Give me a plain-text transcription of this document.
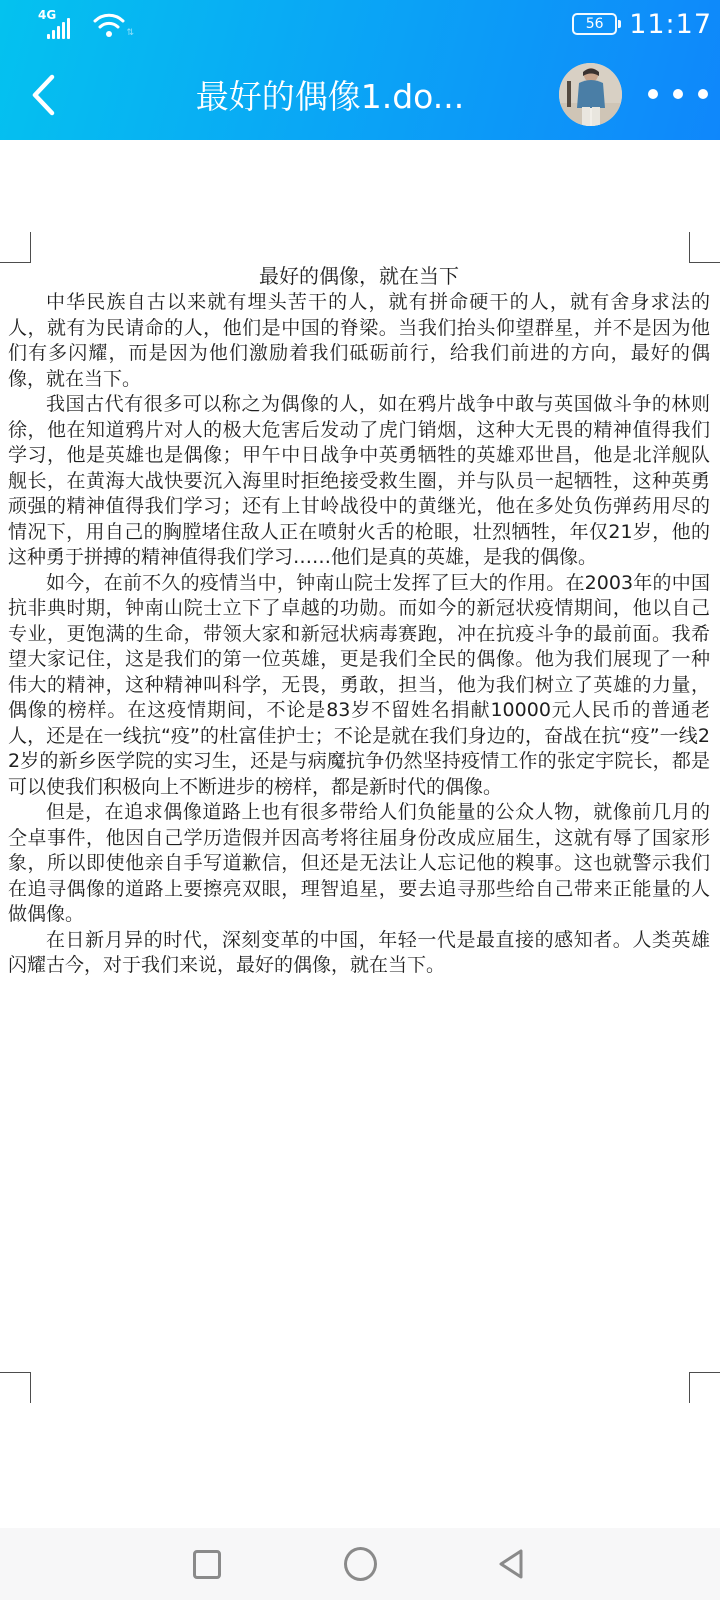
4G
⇅
56 11:17
最好的偶像1.do...

最好的偶像，就在当下

中华民族自古以来就有埋头苦干的人，就有拼命硬干的人，就有舍身求法的人，就有为民请命的人，他们是中国的脊梁。当我们抬头仰望群星，并不是因为他们有多闪耀，而是因为他们激励着我们砥砺前行，给我们前进的方向，最好的偶像，就在当下。

我国古代有很多可以称之为偶像的人，如在鸦片战争中敢与英国做斗争的林则徐，他在知道鸦片对人的极大危害后发动了虎门销烟，这种大无畏的精神值得我们学习，他是英雄也是偶像；甲午中日战争中英勇牺牲的英雄邓世昌，他是北洋舰队舰长，在黄海大战快要沉入海里时拒绝接受救生圈，并与队员一起牺牲，这种英勇顽强的精神值得我们学习；还有上甘岭战役中的黄继光，他在多处负伤弹药用尽的情况下，用自己的胸膛堵住敌人正在喷射火舌的枪眼，壮烈牺牲，年仅21岁，他的这种勇于拼搏的精神值得我们学习……他们是真的英雄，是我的偶像。

如今，在前不久的疫情当中，钟南山院士发挥了巨大的作用。在2003年的中国抗非典时期，钟南山院士立下了卓越的功勋。而如今的新冠状疫情期间，他以自己专业，更饱满的生命，带领大家和新冠状病毒赛跑，冲在抗疫斗争的最前面。我希望大家记住，这是我们的第一位英雄，更是我们全民的偶像。他为我们展现了一种伟大的精神，这种精神叫科学，无畏，勇敢，担当，他为我们树立了英雄的力量，偶像的榜样。在这疫情期间，不论是83岁不留姓名捐献10000元人民币的普通老人，还是在一线抗“疫”的杜富佳护士；不论是就在我们身边的，奋战在抗“疫”一线22岁的新乡医学院的实习生，还是与病魔抗争仍然坚持疫情工作的张定宇院长，都是可以使我们积极向上不断进步的榜样，都是新时代的偶像。

但是，在追求偶像道路上也有很多带给人们负能量的公众人物，就像前几月的仝卓事件，他因自己学历造假并因高考将往届身份改成应届生，这就有辱了国家形象，所以即使他亲自手写道歉信，但还是无法让人忘记他的糗事。这也就警示我们在追寻偶像的道路上要擦亮双眼，理智追星，要去追寻那些给自己带来正能量的人做偶像。

在日新月异的时代，深刻变革的中国，年轻一代是最直接的感知者。人类英雄闪耀古今，对于我们来说，最好的偶像，就在当下。
